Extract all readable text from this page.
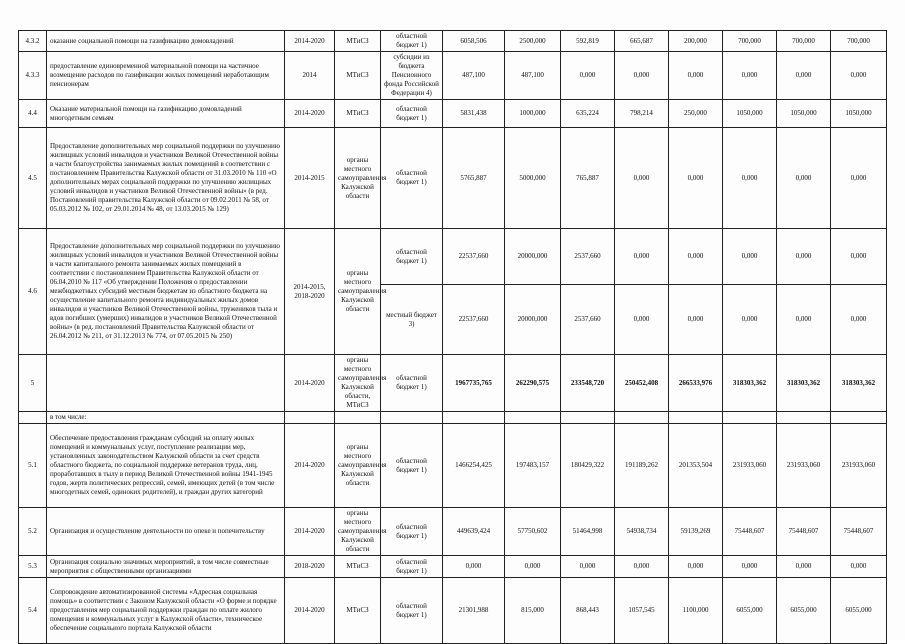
4.3.2	оказание социальной помощи на газификацию домовладений	2014-2020	МТиСЗ	областной бюджет 1)	6058,506	2500,000	592,819	665,687	200,000	700,000	700,000	700,000
4.3.3	предоставление единовременной материальной помощи на частичное возмещение расходов по газификации жилых помещений неработающим пенсионерам	2014	МТиСЗ	субсидии из бюджета Пенсионного фонда Российской Федерации 4)	487,100	487,100	0,000	0,000	0,000	0,000	0,000	0,000
4.4	Оказание материальной помощи на газификацию домовладений многодетным семьям	2014-2020	МТиСЗ	областной бюджет 1)	5831,438	1000,000	635,224	798,214	250,000	1050,000	1050,000	1050,000
4.5	Предоставление дополнительных мер социальной поддержки по улучшению жилищных условий инвалидов и участников Великой Отечественной войны в части благоустройства занимаемых жилых помещений в соответствии с постановлением Правительства Калужской области от 31.03.2010 № 110 «О дополнительных мерах социальной поддержки по улучшению жилищных условий инвалидов и участников Великой Отечественной войны» (в ред. Постановлений правительства Калужской области от 09.02.2011 № 58, от 05.03.2012 № 102, от 29.01.2014 № 48, от 13.03.2015 № 129)	2014-2015	органы местного самоуправления Калужской области	областной бюджет 1)	5765,887	5000,000	765,887	0,000	0,000	0,000	0,000	0,000
4.6	Предоставление дополнительных мер социальной поддержки по улучшению жилищных условий инвалидов и участников Великой Отечественной войны в части капитального ремонта занимаемых жилых помещений в соответствии с постановлением Правительства Калужской области от 06.04.2010 № 117 «Об утверждении Положения о предоставлении межбюджетных субсидий местным бюджетам из областного бюджета на осуществление капитального ремонта индивидуальных жилых домов инвалидов и участников Великой Отечественной войны, тружеников тыла и вдов погибших (умерших) инвалидов и участников Великой Отечественной войны» (в ред. постановлений Правительства Калужской области от 26.04.2012 № 211, от 31.12.2013 № 774, от 07.05.2015 № 250)	2014-2015, 2018-2020	органы местного самоуправления Калужской области	областной бюджет 1)	22537,660	20000,000	2537,660	0,000	0,000	0,000	0,000	0,000
				местный бюджет 3)	22537,660	20000,000	2537,660	0,000	0,000	0,000	0,000	0,000
5		2014-2020	органы местного самоуправления Калужской области, МТиСЗ	областной бюджет 1)	1967735,765	262290,575	233548,720	250452,408	266533,976	318303,362	318303,362	318303,362
	в том числе:											
5.1	Обеспечение предоставления гражданам субсидий на оплату жилых помещений и коммунальных услуг, поступление реализации мер, установленных законодательством Калужской области за счет средств областного бюджета, по социальной поддержке ветеранов труда, лиц, проработавших в тылу в период Великой Отечественной войны 1941-1945 годов, жертв политических репрессий, семей, имеющих детей (в том числе многодетных семей, одиноких родителей), и граждан других категорий	2014-2020	органы местного самоуправления Калужской области	областной бюджет 1)	1466254,425	197483,157	180429,322	191189,262	201353,504	231933,060	231933,060	231933,060
5.2	Организация и осуществление деятельности по опеке и попечительству	2014-2020	органы местного самоуправления Калужской области	областной бюджет 1)	449639,424	57750,602	51464,998	54938,734	59139,269	75448,607	75448,607	75448,607
5.3	Организация социально значимых мероприятий, в том числе совместные мероприятия с общественными организациями	2018-2020	МТиСЗ	областной бюджет 1)	0,000	0,000	0,000	0,000	0,000	0,000	0,000	0,000
5.4	Сопровождение автоматизированной системы «Адресная социальная помощь» в соответствии с Законом Калужской области «О форме и порядке предоставления мер социальной поддержки граждан по оплате жилого помещения и коммунальных услуг в Калужской области», техническое обеспечение социального портала Калужской области	2014-2020	МТиСЗ	областной бюджет 1)	21301,988	815,000	868,443	1057,545	1100,000	6055,000	6055,000	6055,000
